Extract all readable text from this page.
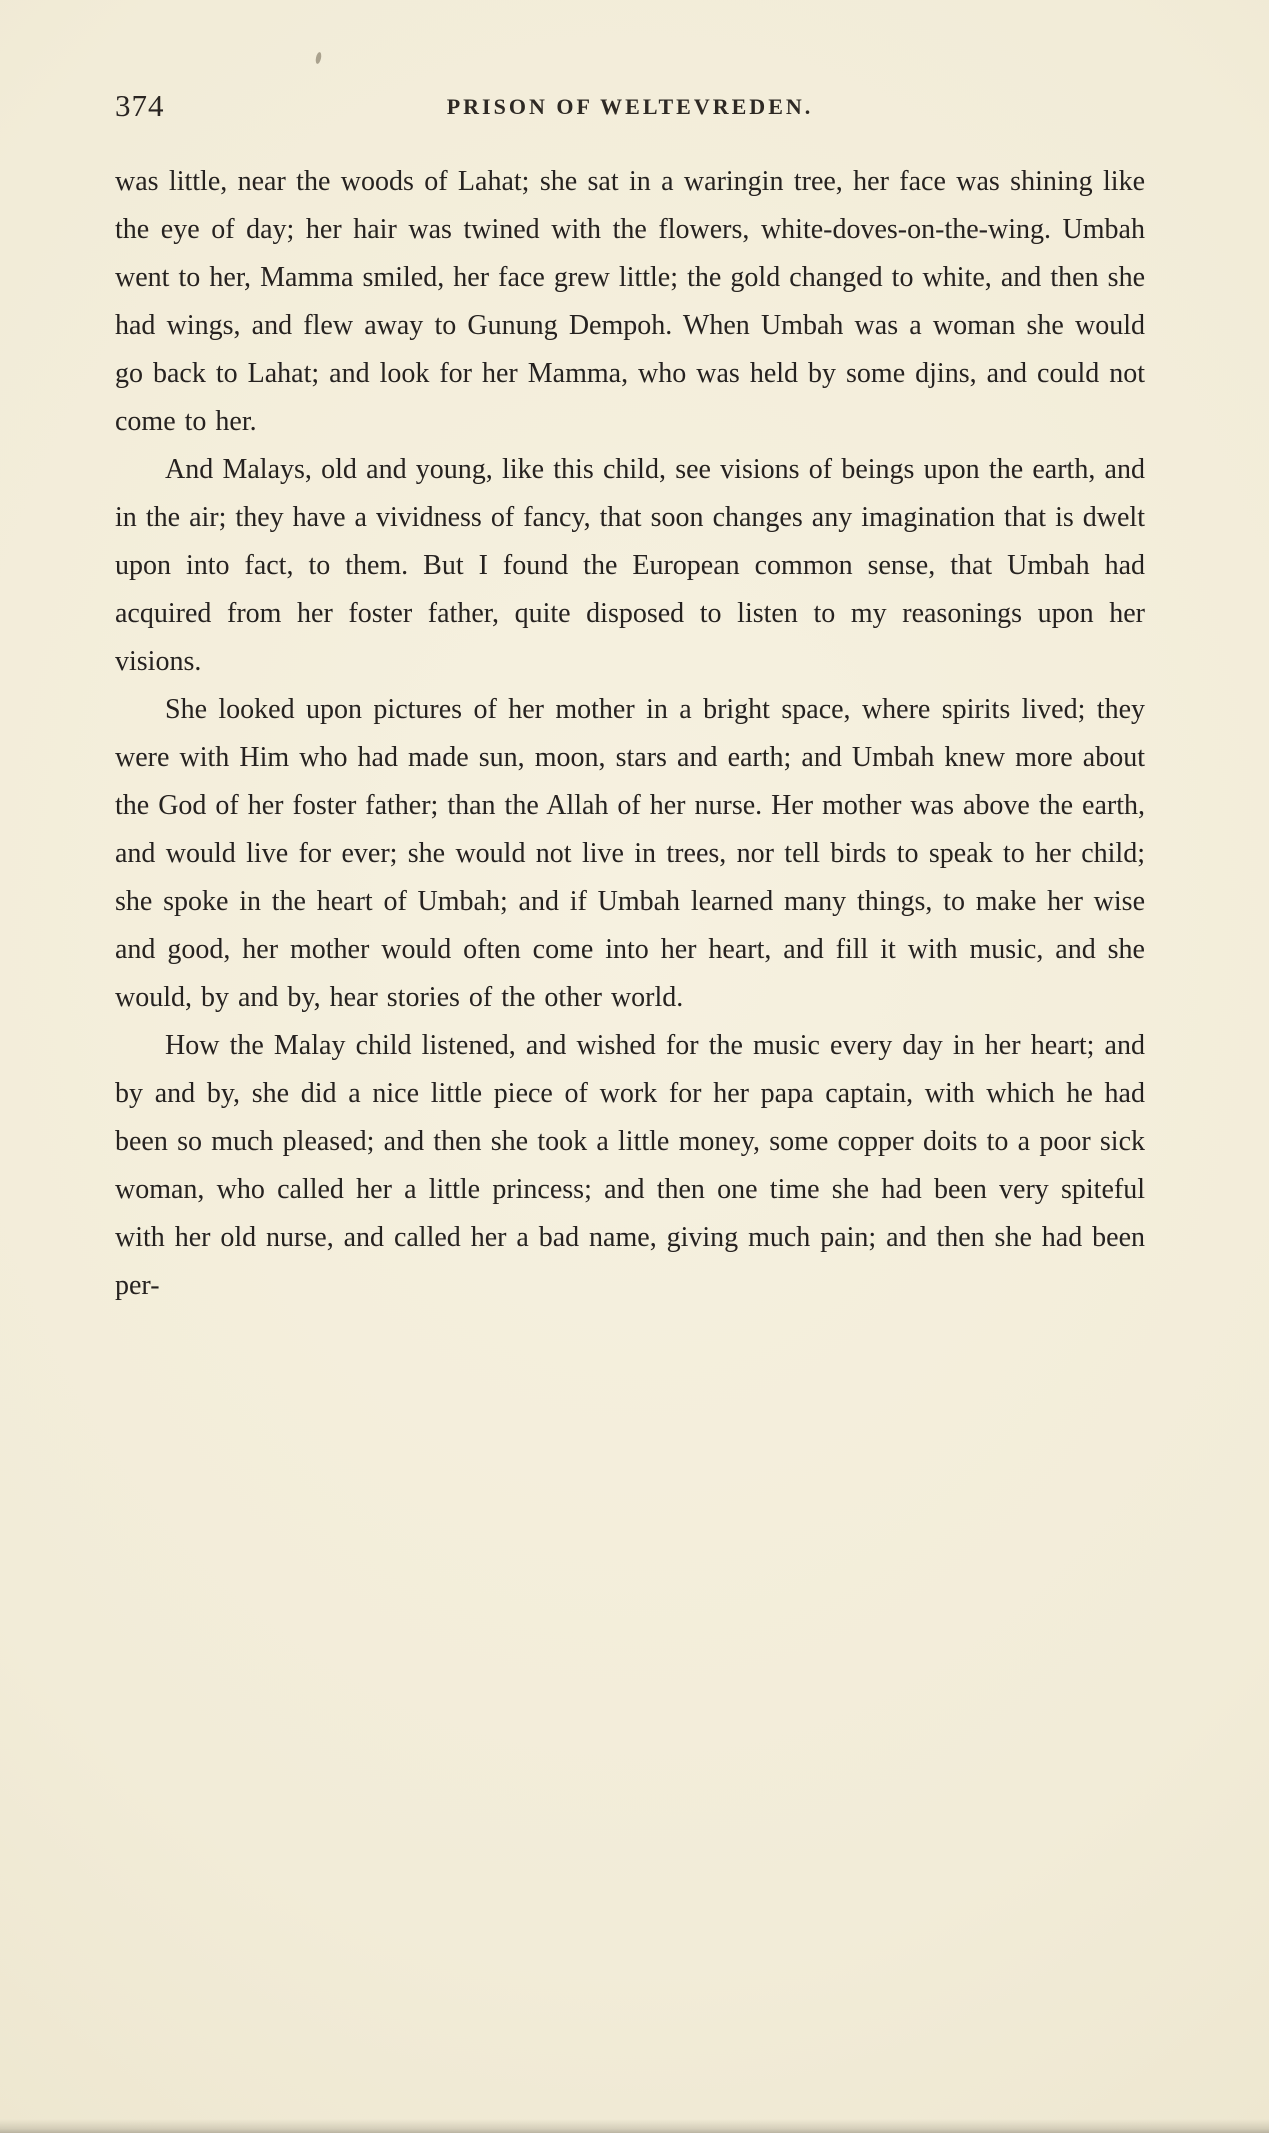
374	PRISON OF WELTEVREDEN.

was little, near the woods of Lahat; she sat in a waringin tree, her face was shining like the eye of day; her hair was twined with the flowers, white-doves-on-the-wing. Umbah went to her, Mamma smiled, her face grew little; the gold changed to white, and then she had wings, and flew away to Gunung Dempoh. When Umbah was a woman she would go back to Lahat; and look for her Mamma, who was held by some djins, and could not come to her.

And Malays, old and young, like this child, see visions of beings upon the earth, and in the air; they have a vividness of fancy, that soon changes any imagination that is dwelt upon into fact, to them. But I found the European common sense, that Umbah had acquired from her foster father, quite disposed to listen to my reasonings upon her visions.

She looked upon pictures of her mother in a bright space, where spirits lived; they were with Him who had made sun, moon, stars and earth; and Umbah knew more about the God of her foster father; than the Allah of her nurse. Her mother was above the earth, and would live for ever; she would not live in trees, nor tell birds to speak to her child; she spoke in the heart of Umbah; and if Umbah learned many things, to make her wise and good, her mother would often come into her heart, and fill it with music, and she would, by and by, hear stories of the other world.

How the Malay child listened, and wished for the music every day in her heart; and by and by, she did a nice little piece of work for her papa captain, with which he had been so much pleased; and then she took a little money, some copper doits to a poor sick woman, who called her a little princess; and then one time she had been very spiteful with her old nurse, and called her a bad name, giving much pain; and then she had been per-
